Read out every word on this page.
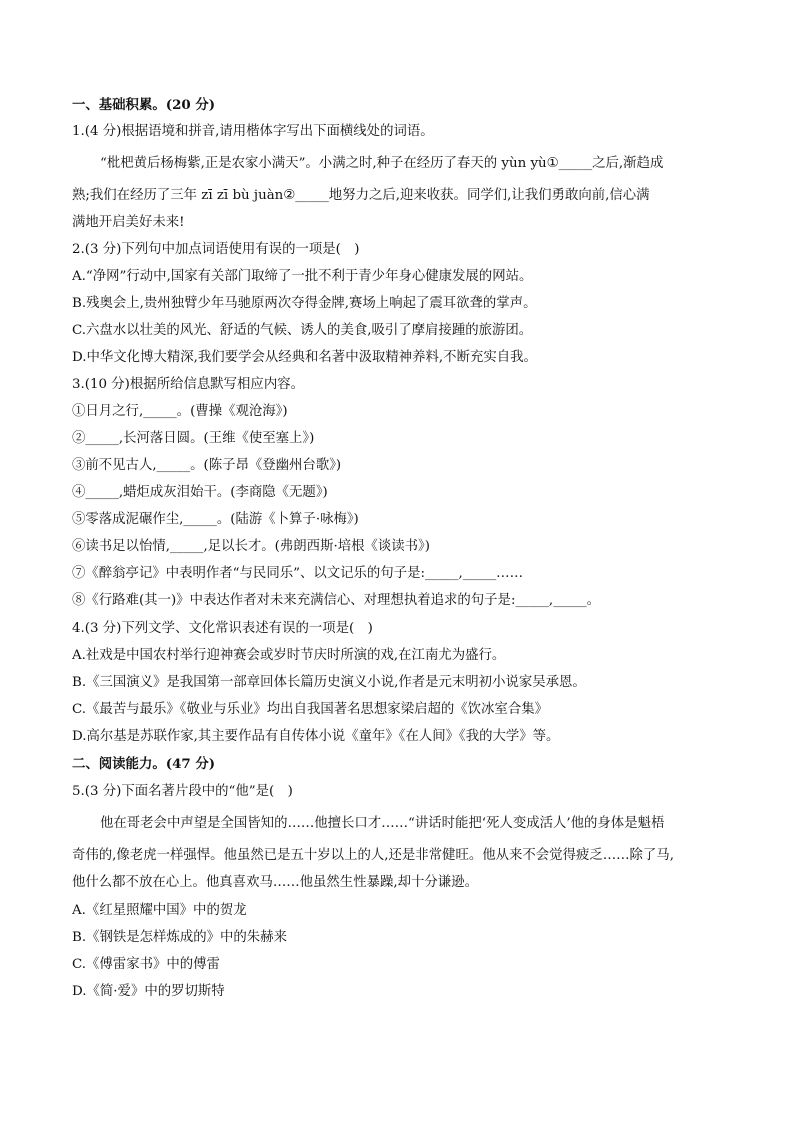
一、基础积累。(20 分)
1.(4 分)根据语境和拼音,请用楷体字写出下面横线处的词语。
“枇杷黄后杨梅紫,正是农家小满天”。小满之时,种子在经历了春天的 yùn yù①_____之后,渐趋成
熟;我们在经历了三年 zī zī bù juàn②_____地努力之后,迎来收获。同学们,让我们勇敢向前,信心满
满地开启美好未来!
2.(3 分)下列句中加点词语使用有误的一项是(　)
A.“净网”行动中,国家有关部门取缔了一批不利于青少年身心健康发展的网站。
B.残奥会上,贵州独臂少年马驰原两次夺得金牌,赛场上响起了震耳欲聋的掌声。
C.六盘水以壮美的风光、舒适的气候、诱人的美食,吸引了摩肩接踵的旅游团。
D.中华文化博大精深,我们要学会从经典和名著中汲取精神养料,不断充实自我。
3.(10 分)根据所给信息默写相应内容。
①日月之行,_____。(曹操《观沧海》)
②_____,长河落日圆。(王维《使至塞上》)
③前不见古人,_____。(陈子昂《登幽州台歌》)
④_____,蜡炬成灰泪始干。(李商隐《无题》)
⑤零落成泥碾作尘,_____。(陆游《卜算子·咏梅》)
⑥读书足以怡情,_____,足以长才。(弗朗西斯·培根《谈读书》)
⑦《醉翁亭记》中表明作者“与民同乐”、以文记乐的句子是:_____,_____……
⑧《行路难(其一)》中表达作者对未来充满信心、对理想执着追求的句子是:_____,_____。
4.(3 分)下列文学、文化常识表述有误的一项是(　)
A.社戏是中国农村举行迎神赛会或岁时节庆时所演的戏,在江南尤为盛行。
B.《三国演义》是我国第一部章回体长篇历史演义小说,作者是元末明初小说家吴承恩。
C.《最苦与最乐》《敬业与乐业》均出自我国著名思想家梁启超的《饮冰室合集》
D.高尔基是苏联作家,其主要作品有自传体小说《童年》《在人间》《我的大学》等。
二、阅读能力。(47 分)
5.(3 分)下面名著片段中的“他”是(　)
他在哥老会中声望是全国皆知的……他擅长口才……“讲话时能把‘死人变成活人’他的身体是魁梧
奇伟的,像老虎一样强悍。他虽然已是五十岁以上的人,还是非常健旺。他从来不会觉得疲乏……除了马,
他什么都不放在心上。他真喜欢马……他虽然生性暴躁,却十分谦逊。
A.《红星照耀中国》中的贺龙
B.《钢铁是怎样炼成的》中的朱赫来
C.《傅雷家书》中的傅雷
D.《简·爱》中的罗切斯特
